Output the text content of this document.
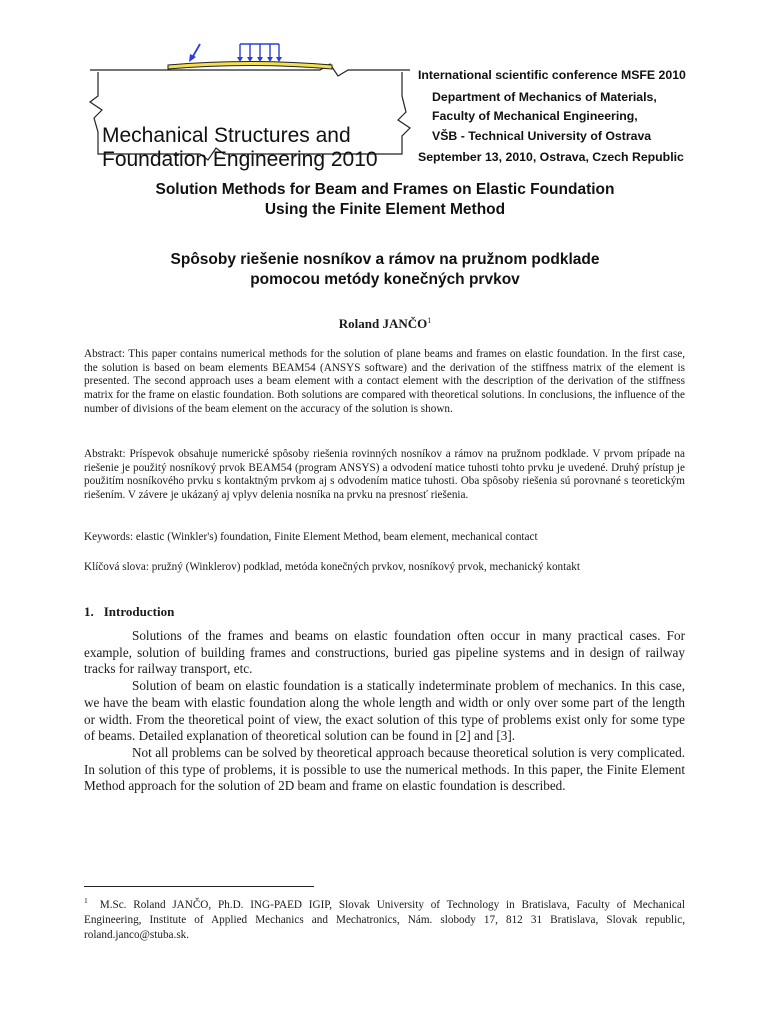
Mechanical Structures and
Foundation Engineering 2010
International scientific conference MSFE 2010
Department of Mechanics of Materials,
Faculty of Mechanical Engineering,
VŠB - Technical University of Ostrava
September 13, 2010, Ostrava, Czech Republic
Solution Methods for Beam and Frames on Elastic Foundation
Using the Finite Element Method
Spôsoby riešenie nosníkov a rámov na pružnom podklade
pomocou metódy konečných prvkov
Roland JANČO$^1$
Abstract: This paper contains numerical methods for the solution of plane beams and frames on elastic foundation. In the first case, the solution is based on beam elements BEAM54 (ANSYS software) and the derivation of the stiffness matrix of the element is presented. The second approach uses a beam element with a contact element with the description of the derivation of the stiffness matrix for the frame on elastic foundation. Both solutions are compared with theoretical solutions. In conclusions, the influence of the number of divisions of the beam element on the accuracy of the solution is shown.
Abstrakt: Príspevok obsahuje numerické spôsoby riešenia rovinných nosníkov a rámov na pružnom podklade. V prvom prípade na riešenie je použitý nosníkový prvok BEAM54 (program ANSYS) a odvodení matice tuhosti tohto prvku je uvedené. Druhý prístup je použitím nosníkového prvku s kontaktným prvkom aj s odvodením matice tuhosti. Oba spôsoby riešenia sú porovnané s teoretickým riešením. V závere je ukázaný aj vplyv delenia nosníka na prvku na presnosť riešenia.
Keywords: elastic (Winkler's) foundation, Finite Element Method, beam element, mechanical contact
Klíčová slova: pružný (Winklerov) podklad, metóda konečných prvkov, nosníkový prvok, mechanický kontakt
1. Introduction

Solutions of the frames and beams on elastic foundation often occur in many practical cases. For example, solution of building frames and constructions, buried gas pipeline systems and in design of railway tracks for railway transport, etc.

Solution of beam on elastic foundation is a statically indeterminate problem of mechanics. In this case, we have the beam with elastic foundation along the whole length and width or only over some part of the length or width. From the theoretical point of view, the exact solution of this type of problems exist only for some type of beams. Detailed explanation of theoretical solution can be found in [2] and [3].

Not all problems can be solved by theoretical approach because theoretical solution is very complicated. In solution of this type of problems, it is possible to use the numerical methods. In this paper, the Finite Element Method approach for the solution of 2D beam and frame on elastic foundation is described.

$^1$ M.Sc. Roland JANČO, Ph.D. ING-PAED IGIP, Slovak University of Technology in Bratislava, Faculty of Mechanical Engineering, Institute of Applied Mechanics and Mechatronics, Nám. slobody 17, 812 31 Bratislava, Slovak republic, roland.janco@stuba.sk.
